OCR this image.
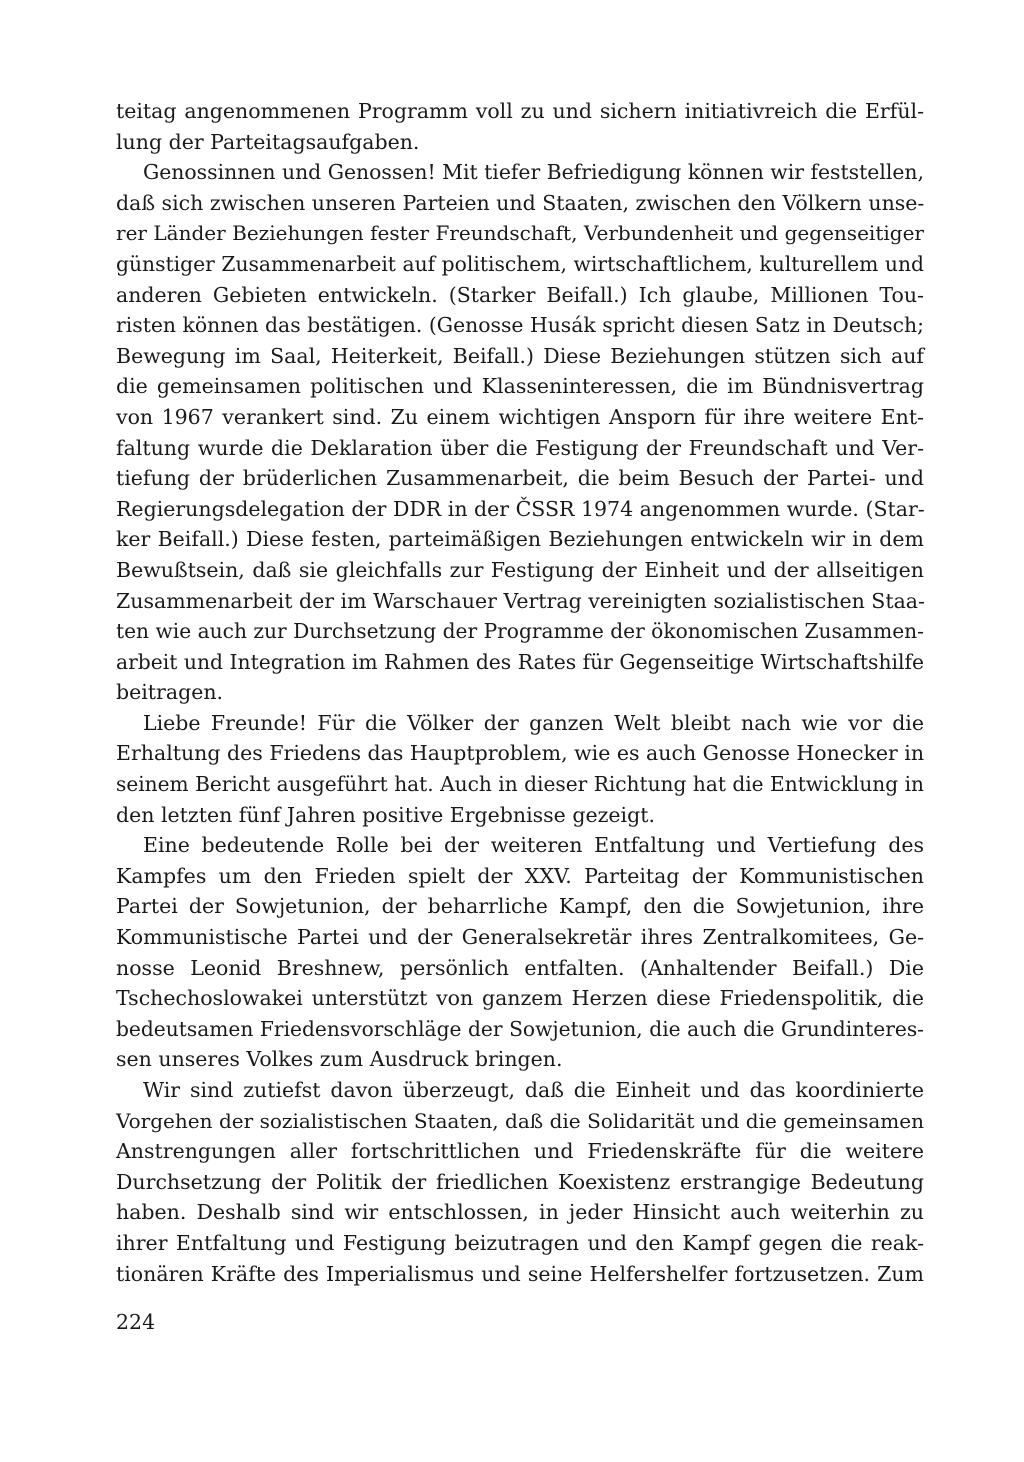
teitag angenommenen Programm voll zu und sichern initiativreich die Erfül-
lung der Parteitagsaufgaben.
Genossinnen und Genossen! Mit tiefer Befriedigung können wir feststellen,
daß sich zwischen unseren Parteien und Staaten, zwischen den Völkern unse-
rer Länder Beziehungen fester Freundschaft, Verbundenheit und gegenseitiger
günstiger Zusammenarbeit auf politischem, wirtschaftlichem, kulturellem und
anderen Gebieten entwickeln. (Starker Beifall.) Ich glaube, Millionen Tou-
risten können das bestätigen. (Genosse Husák spricht diesen Satz in Deutsch;
Bewegung im Saal, Heiterkeit, Beifall.) Diese Beziehungen stützen sich auf
die gemeinsamen politischen und Klasseninteressen, die im Bündnisvertrag
von 1967 verankert sind. Zu einem wichtigen Ansporn für ihre weitere Ent-
faltung wurde die Deklaration über die Festigung der Freundschaft und Ver-
tiefung der brüderlichen Zusammenarbeit, die beim Besuch der Partei- und
Regierungsdelegation der DDR in der ČSSR 1974 angenommen wurde. (Star-
ker Beifall.) Diese festen, parteimäßigen Beziehungen entwickeln wir in dem
Bewußtsein, daß sie gleichfalls zur Festigung der Einheit und der allseitigen
Zusammenarbeit der im Warschauer Vertrag vereinigten sozialistischen Staa-
ten wie auch zur Durchsetzung der Programme der ökonomischen Zusammen-
arbeit und Integration im Rahmen des Rates für Gegenseitige Wirtschaftshilfe
beitragen.
Liebe Freunde! Für die Völker der ganzen Welt bleibt nach wie vor die
Erhaltung des Friedens das Hauptproblem, wie es auch Genosse Honecker in
seinem Bericht ausgeführt hat. Auch in dieser Richtung hat die Entwicklung in
den letzten fünf Jahren positive Ergebnisse gezeigt.
Eine bedeutende Rolle bei der weiteren Entfaltung und Vertiefung des
Kampfes um den Frieden spielt der XXV. Parteitag der Kommunistischen
Partei der Sowjetunion, der beharrliche Kampf, den die Sowjetunion, ihre
Kommunistische Partei und der Generalsekretär ihres Zentralkomitees, Ge-
nosse Leonid Breshnew, persönlich entfalten. (Anhaltender Beifall.) Die
Tschechoslowakei unterstützt von ganzem Herzen diese Friedenspolitik, die
bedeutsamen Friedensvorschläge der Sowjetunion, die auch die Grundinteres-
sen unseres Volkes zum Ausdruck bringen.
Wir sind zutiefst davon überzeugt, daß die Einheit und das koordinierte
Vorgehen der sozialistischen Staaten, daß die Solidarität und die gemeinsamen
Anstrengungen aller fortschrittlichen und Friedenskräfte für die weitere
Durchsetzung der Politik der friedlichen Koexistenz erstrangige Bedeutung
haben. Deshalb sind wir entschlossen, in jeder Hinsicht auch weiterhin zu
ihrer Entfaltung und Festigung beizutragen und den Kampf gegen die reak-
tionären Kräfte des Imperialismus und seine Helfershelfer fortzusetzen. Zum
224
